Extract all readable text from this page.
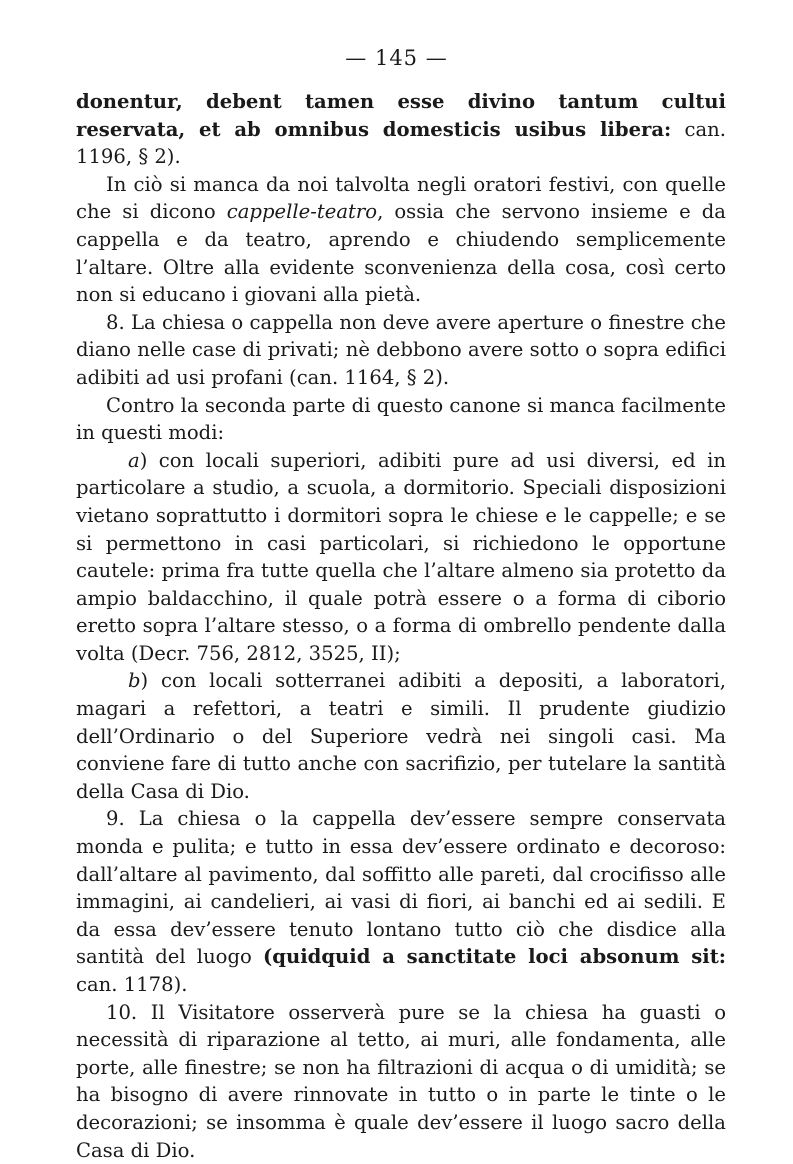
— 145 —

donentur, debent tamen esse divino tantum cultui reservata, et ab omnibus domesticis usibus libera: can. 1196, § 2).

In ciò si manca da noi talvolta negli oratori festivi, con quelle che si dicono cappelle-teatro, ossia che servono insieme e da cappella e da teatro, aprendo e chiudendo semplicemente l’altare. Oltre alla evidente sconvenienza della cosa, così certo non si educano i giovani alla pietà.

8. La chiesa o cappella non deve avere aperture o finestre che diano nelle case di privati; nè debbono avere sotto o sopra edifici adibiti ad usi profani (can. 1164, § 2).

Contro la seconda parte di questo canone si manca facilmente in questi modi:

a) con locali superiori, adibiti pure ad usi diversi, ed in particolare a studio, a scuola, a dormitorio. Speciali disposizioni vietano soprattutto i dormitori sopra le chiese e le cappelle; e se si permettono in casi particolari, si richiedono le opportune cautele: prima fra tutte quella che l’altare almeno sia protetto da ampio baldacchino, il quale potrà essere o a forma di ciborio eretto sopra l’altare stesso, o a forma di ombrello pendente dalla volta (Decr. 756, 2812, 3525, II);

b) con locali sotterranei adibiti a depositi, a laboratori, magari a refettori, a teatri e simili. Il prudente giudizio dell’Ordinario o del Superiore vedrà nei singoli casi. Ma conviene fare di tutto anche con sacrifizio, per tutelare la santità della Casa di Dio.

9. La chiesa o la cappella dev’essere sempre conservata monda e pulita; e tutto in essa dev’essere ordinato e decoroso: dall’altare al pavimento, dal soffitto alle pareti, dal crocifisso alle immagini, ai candelieri, ai vasi di fiori, ai banchi ed ai sedili. E da essa dev’essere tenuto lontano tutto ciò che disdice alla santità del luogo (quidquid a sanctitate loci absonum sit: can. 1178).

10. Il Visitatore osserverà pure se la chiesa ha guasti o necessità di riparazione al tetto, ai muri, alle fondamenta, alle porte, alle finestre; se non ha filtrazioni di acqua o di umidità; se ha bisogno di avere rinnovate in tutto o in parte le tinte o le decorazioni; se insomma è quale dev’essere il luogo sacro della Casa di Dio.
